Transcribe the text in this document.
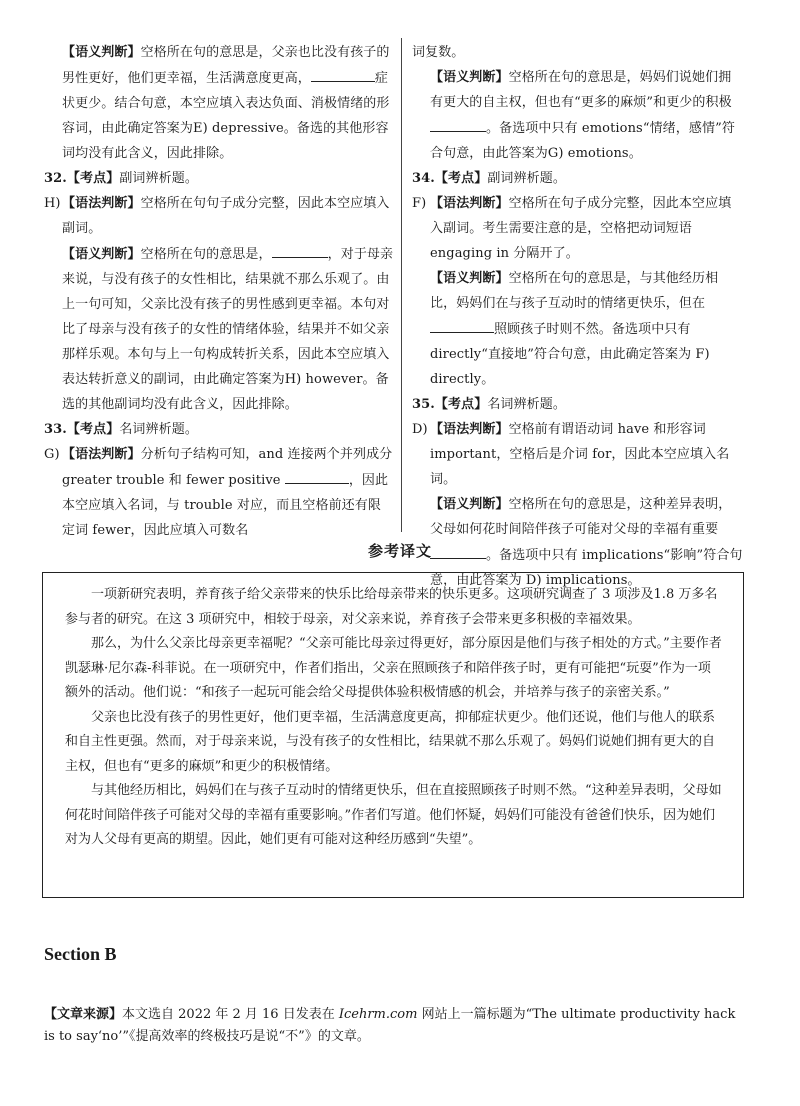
【语义判断】空格所在句的意思是，父亲也比没有孩子的男性更好，他们更幸福，生活满意度更高，	症状更少。结合句意，本空应填入表达负面、消极情绪的形容词，由此确定答案为E) depressive。备选的其他形容词均没有此含义，因此排除。

32.【考点】副词辨析题。

H) 【语法判断】空格所在句句子成分完整，因此本空应填入副词。

【语义判断】空格所在句的意思是，	，对于母亲来说，与没有孩子的女性相比，结果就不那么乐观了。由上一句可知，父亲比没有孩子的男性感到更幸福。本句对比了母亲与没有孩子的女性的情绪体验，结果并不如父亲那样乐观。本句与上一句构成转折关系，因此本空应填入表达转折意义的副词，由此确定答案为H) however。备选的其他副词均没有此含义，因此排除。

33.【考点】名词辨析题。

G) 【语法判断】分析句子结构可知，and 连接两个并列成分 greater trouble 和 fewer positive	，因此本空应填入名词，与 trouble 对应，而且空格前还有限定词 fewer，因此应填入可数名

词复数。

【语义判断】空格所在句的意思是，妈妈们说她们拥有更大的自主权，但也有“更多的麻烦”和更少的积极。备选项中只有 emotions“情绪，感情”符合句意，由此答案为G) emotions。

34.【考点】副词辨析题。

F) 【语法判断】空格所在句子成分完整，因此本空应填入副词。考生需要注意的是，空格把动词短语 engaging in 分隔开了。

【语义判断】空格所在句的意思是，与其他经历相比，妈妈们在与孩子互动时的情绪更快乐，但在照顾孩子时则不然。备选项中只有 directly“直接地”符合句意，由此确定答案为 F) directly。

35.【考点】名词辨析题。

D) 【语法判断】空格前有谓语动词 have 和形容词 important，空格后是介词 for，因此本空应填入名词。

【语义判断】空格所在句的意思是，这种差异表明，父母如何花时间陪伴孩子可能对父母的幸福有重要。备选项中只有 implications“影响”符合句意，由此答案为 D) implications。

参考译文

一项新研究表明，养育孩子给父亲带来的快乐比给母亲带来的快乐更多。这项研究调查了 3 项涉及1.8 万多名参与者的研究。在这 3 项研究中，相较于母亲，对父亲来说，养育孩子会带来更多积极的幸福效果。

那么，为什么父亲比母亲更幸福呢？“父亲可能比母亲过得更好，部分原因是他们与孩子相处的方式。”主要作者凯瑟琳·尼尔森-科菲说。在一项研究中，作者们指出，父亲在照顾孩子和陪伴孩子时，更有可能把“玩耍”作为一项额外的活动。他们说：“和孩子一起玩可能会给父母提供体验积极情感的机会，并培养与孩子的亲密关系。”

父亲也比没有孩子的男性更好，他们更幸福，生活满意度更高，抑郁症状更少。他们还说，他们与他人的联系和自主性更强。然而，对于母亲来说，与没有孩子的女性相比，结果就不那么乐观了。妈妈们说她们拥有更大的自主权，但也有“更多的麻烦”和更少的积极情绪。

与其他经历相比，妈妈们在与孩子互动时的情绪更快乐，但在直接照顾孩子时则不然。“这种差异表明，父母如何花时间陪伴孩子可能对父母的幸福有重要影响。”作者们写道。他们怀疑，妈妈们可能没有爸爸们快乐，因为她们对为人父母有更高的期望。因此，她们更有可能对这种经历感到“失望”。

Section B
【文章来源】本文选自 2022 年 2 月 16 日发表在 Icehrm.com 网站上一篇标题为“The ultimate productivity hack is to say‘no’”《提高效率的终极技巧是说“不”》的文章。
